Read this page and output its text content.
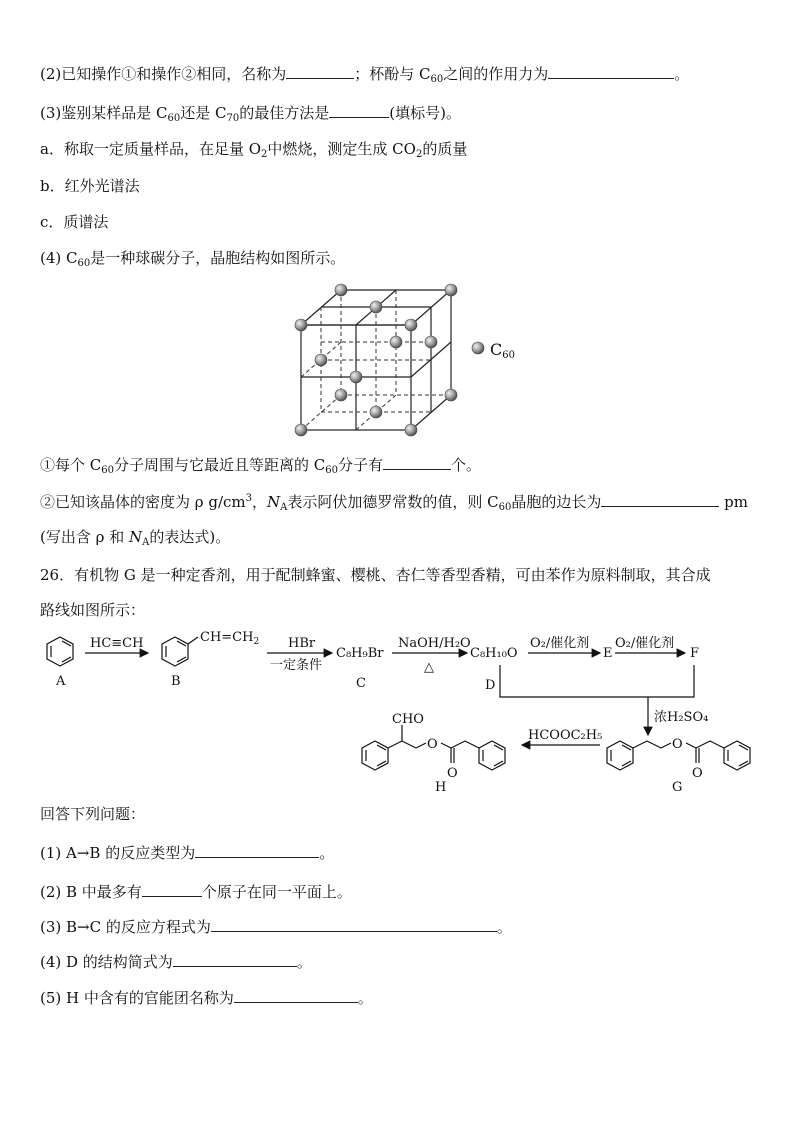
(2)已知操作①和操作②相同，名称为	；杯酚与 $C_{60}$之间的作用力为	。
(3)鉴别某样品是 $C_{60}$还是 $C_{70}$的最佳方法是	(填标号)。
a．称取一定质量样品，在足量 $O_2$中燃烧，测定生成 $CO_2$的质量
b．红外光谱法
c．质谱法
(4) $C_{60}$是一种球碳分子，晶胞结构如图所示。
C60
①每个 $C_{60}$分子周围与它最近且等距离的 $C_{60}$分子有	个。
②已知该晶体的密度为 ρ $g/cm^3$，$N_A$表示阿伏加德罗常数的值，则 $C_{60}$晶胞的边长为	pm
(写出含 ρ 和 $N_A$的表达式)。
26．有机物 G 是一种定香剂，用于配制蜂蜜、樱桃、杏仁等香型香精，可由苯作为原料制取，其合成
路线如图所示：
A
HC≡CH	$CH=CH_2$
B
HBr
一定条件
C₈H₉Br
C
NaOH/H₂O
△
C₈H₁₀O
D
O₂/催化剂
E
O₂/催化剂
F
浓H₂SO₄
HCOOC₂H₅
O
O
G
CHO
O
O
H
回答下列问题：
(1) A→B 的反应类型为	。
(2) B 中最多有	个原子在同一平面上。
(3) B→C 的反应方程式为	。
(4) D 的结构简式为	。
(5) H 中含有的官能团名称为	。
